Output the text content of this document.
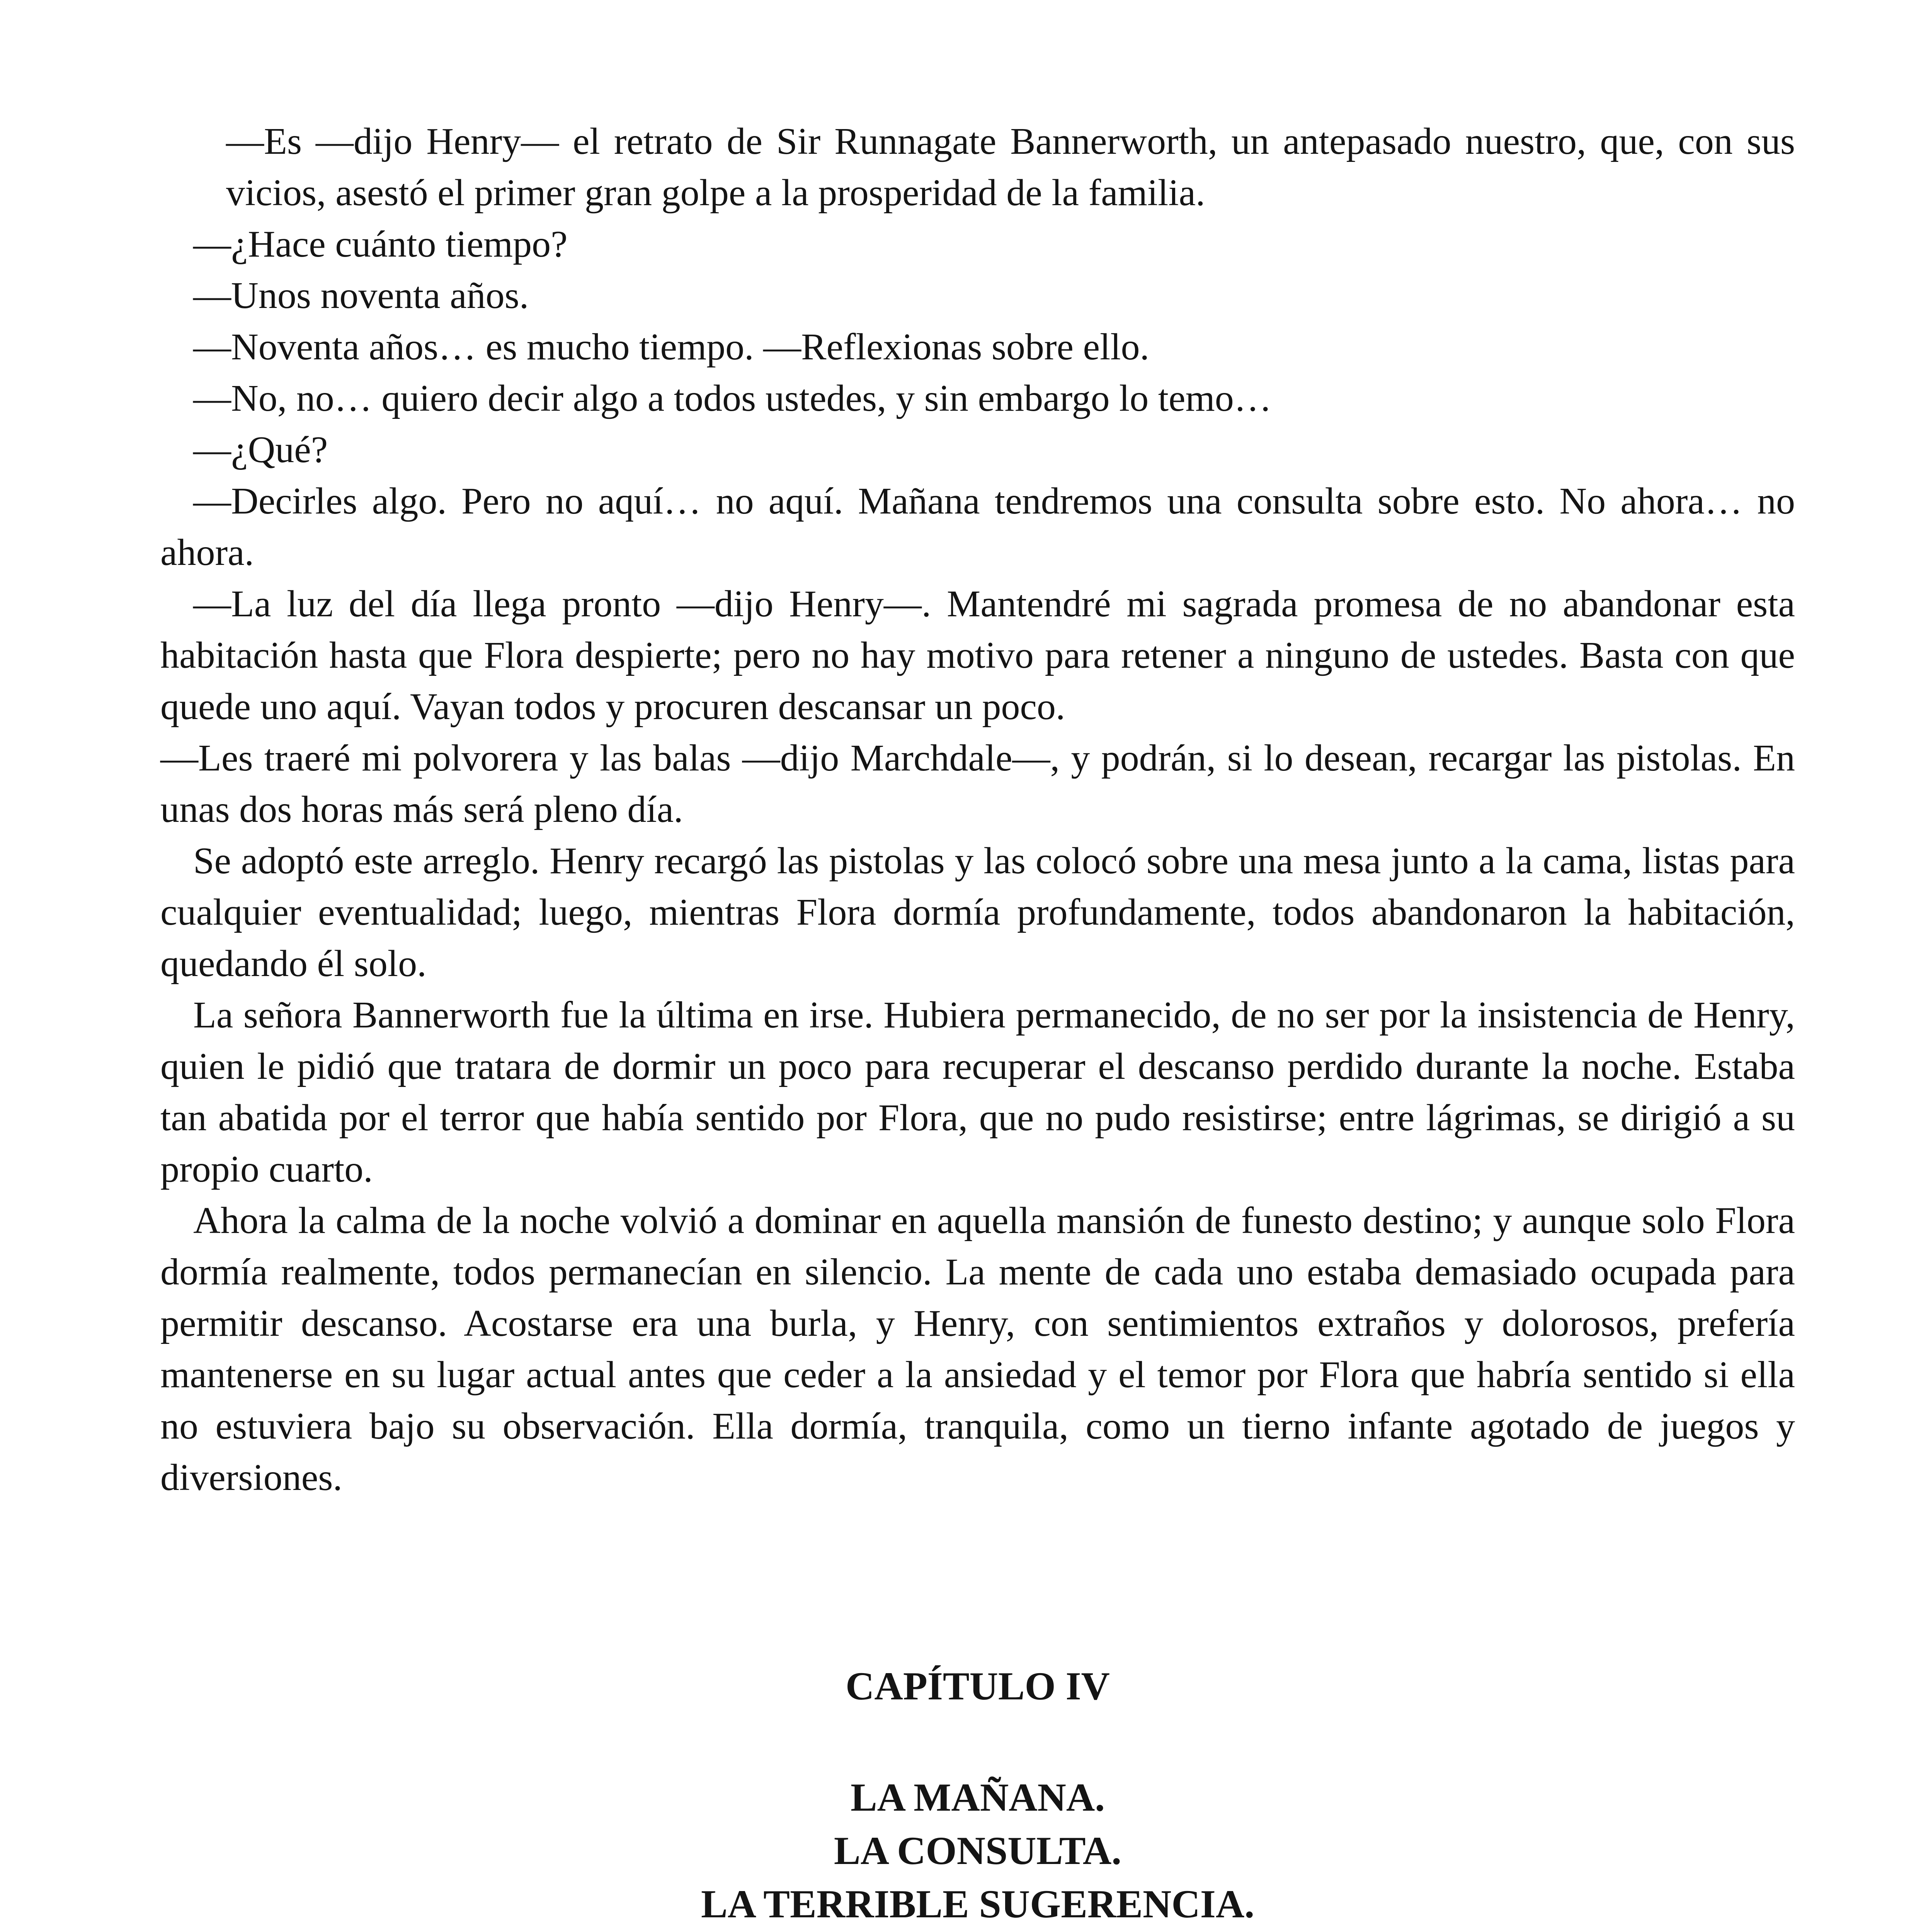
—Es —dijo Henry— el retrato de Sir Runnagate Bannerworth, un antepasado nuestro, que, con sus vicios, asestó el primer gran golpe a la prosperidad de la familia.

—¿Hace cuánto tiempo?

—Unos noventa años.

—Noventa años… es mucho tiempo. —Reflexionas sobre ello.

—No, no… quiero decir algo a todos ustedes, y sin embargo lo temo…

—¿Qué?

—Decirles algo. Pero no aquí… no aquí. Mañana tendremos una consulta sobre esto. No ahora… no ahora.

—La luz del día llega pronto —dijo Henry—. Mantendré mi sagrada promesa de no abandonar esta habitación hasta que Flora despierte; pero no hay motivo para retener a ninguno de ustedes. Basta con que quede uno aquí. Vayan todos y procuren descansar un poco.

—Les traeré mi polvorera y las balas —dijo Marchdale—, y podrán, si lo desean, recargar las pistolas. En unas dos horas más será pleno día.

Se adoptó este arreglo. Henry recargó las pistolas y las colocó sobre una mesa junto a la cama, listas para cualquier eventualidad; luego, mientras Flora dormía profundamente, todos abandonaron la habitación, quedando él solo.

La señora Bannerworth fue la última en irse. Hubiera permanecido, de no ser por la insistencia de Henry, quien le pidió que tratara de dormir un poco para recuperar el descanso perdido durante la noche. Estaba tan abatida por el terror que había sentido por Flora, que no pudo resistirse; entre lágrimas, se dirigió a su propio cuarto.

Ahora la calma de la noche volvió a dominar en aquella mansión de funesto destino; y aunque solo Flora dormía realmente, todos permanecían en silencio. La mente de cada uno estaba demasiado ocupada para permitir descanso. Acostarse era una burla, y Henry, con sentimientos extraños y dolorosos, prefería mantenerse en su lugar actual antes que ceder a la ansiedad y el temor por Flora que habría sentido si ella no estuviera bajo su observación. Ella dormía, tranquila, como un tierno infante agotado de juegos y diversiones.

CAPÍTULO IV
LA MAÑANA.
LA CONSULTA.
LA TERRIBLE SUGERENCIA.
